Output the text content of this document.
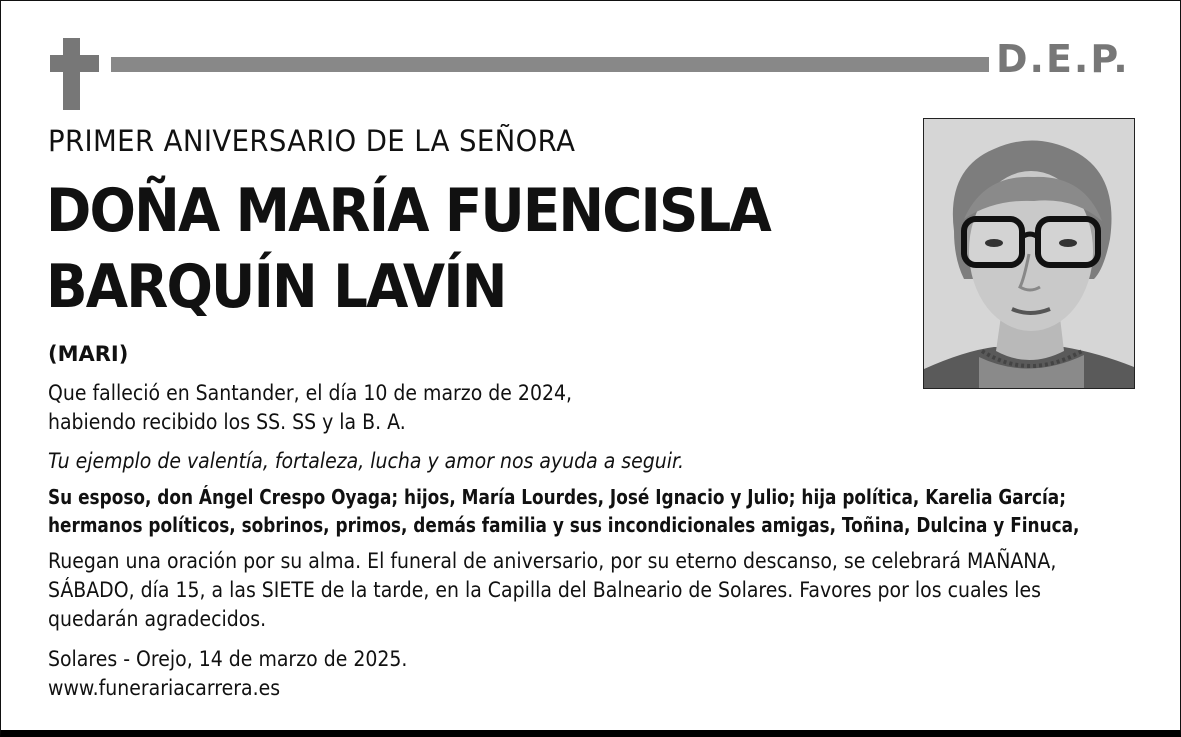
D.E.P.
PRIMER ANIVERSARIO DE LA SEÑORA
DOÑA MARÍA FUENCISLA
BARQUÍN LAVÍN
(MARI)
Que falleció en Santander, el día 10 de marzo de 2024,
habiendo recibido los SS. SS y la B. A.
Tu ejemplo de valentía, fortaleza, lucha y amor nos ayuda a seguir.
Su esposo, don Ángel Crespo Oyaga; hijos, María Lourdes, José Ignacio y Julio; hija política, Karelia García;
hermanos políticos, sobrinos, primos, demás familia y sus incondicionales amigas, Toñina, Dulcina y Finuca,
Ruegan una oración por su alma. El funeral de aniversario, por su eterno descanso, se celebrará MAÑANA,
SÁBADO, día 15, a las SIETE de la tarde, en la Capilla del Balneario de Solares. Favores por los cuales les
quedarán agradecidos.
Solares - Orejo, 14 de marzo de 2025.
www.funerariacarrera.es
